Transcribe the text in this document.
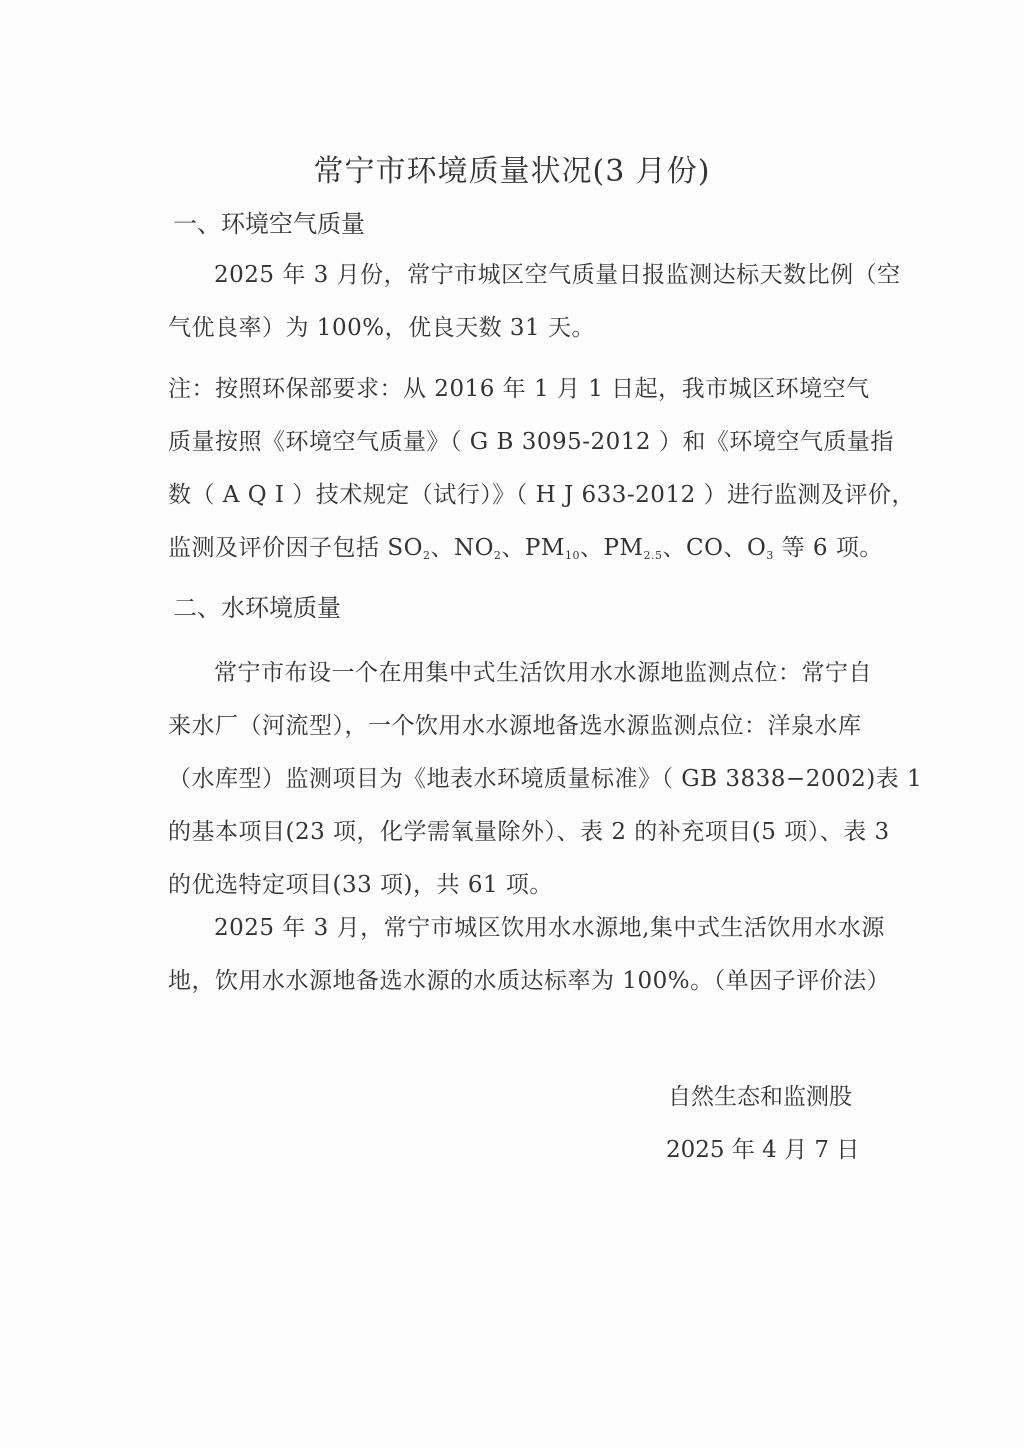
常宁市环境质量状况(3 月份)
一、环境空气质量
2025 年 3 月份，常宁市城区空气质量日报监测达标天数比例（空
气优良率）为 100%，优良天数 31 天。
注：按照环保部要求：从 2016 年 1 月 1 日起，我市城区环境空气
质量按照《环境空气质量》（ G B 3095-2012 ）和《环境空气质量指
数（ A Q I ）技术规定（试行）》（ H J 633-2012 ）进行监测及评价，
监测及评价因子包括 $SO_2$、$NO_2$、$PM_{10}$、$PM_{2.5}$、CO、$O_3$ 等 6 项。
二、水环境质量
常宁市布设一个在用集中式生活饮用水水源地监测点位：常宁自
来水厂（河流型），一个饮用水水源地备选水源监测点位：洋泉水库
（水库型）监测项目为《地表水环境质量标准》（ GB 3838−2002)表 1
的基本项目(23 项，化学需氧量除外）、表 2 的补充项目(5 项）、表 3
的优选特定项目(33 项)，共 61 项。
2025 年 3 月，常宁市城区饮用水水源地,集中式生活饮用水水源
地，饮用水水源地备选水源的水质达标率为 100%。（单因子评价法）
自然生态和监测股
2025 年 4 月 7 日
